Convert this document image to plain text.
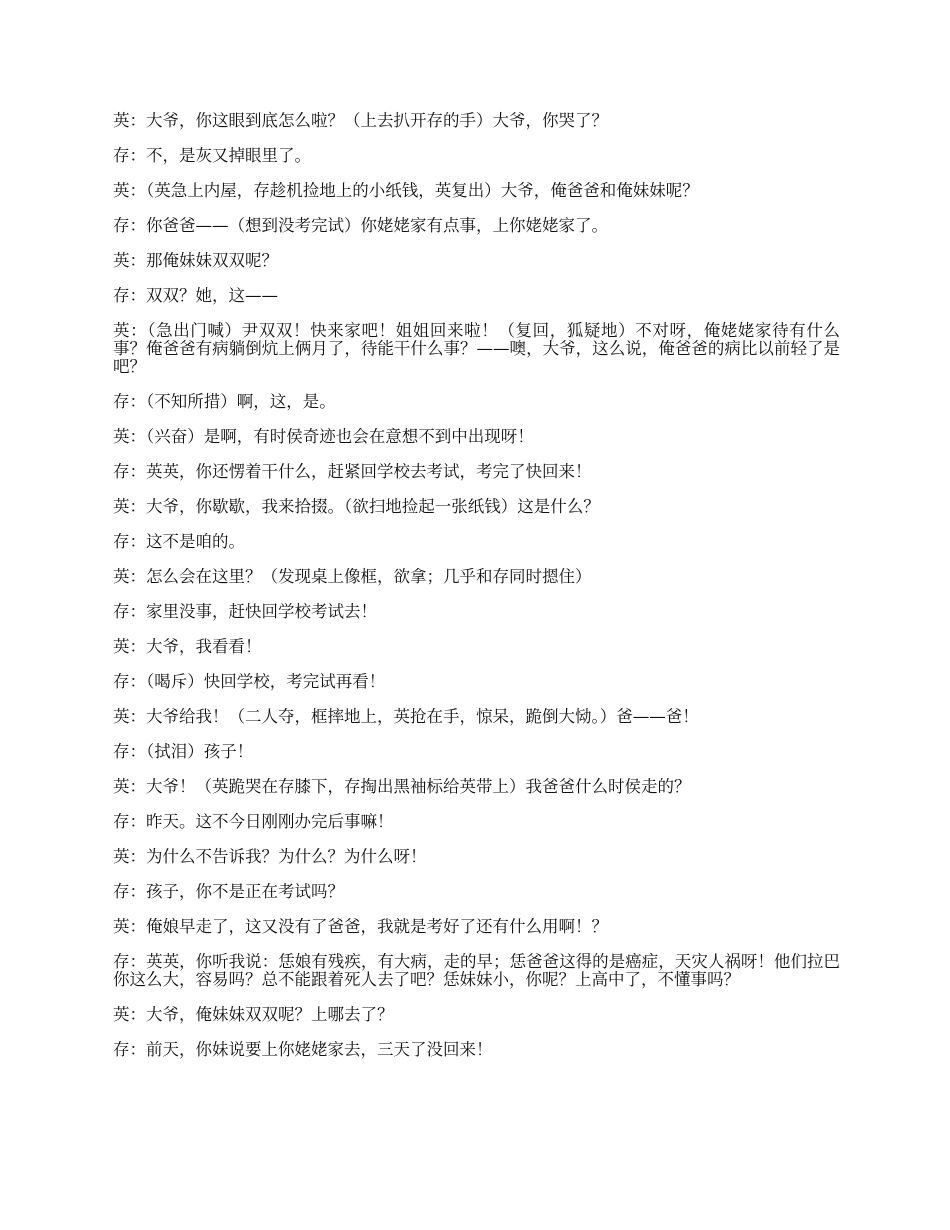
英：大爷，你这眼到底怎么啦？（上去扒开存的手）大爷，你哭了？

存：不，是灰又掉眼里了。

英：（英急上内屋，存趁机捡地上的小纸钱，英复出）大爷，俺爸爸和俺妹妹呢？

存：你爸爸——（想到没考完试）你姥姥家有点事，上你姥姥家了。

英：那俺妹妹双双呢？

存：双双？她，这——

英：（急出门喊）尹双双！快来家吧！姐姐回来啦！（复回，狐疑地）不对呀，俺姥姥家待有什么事？俺爸爸有病躺倒炕上俩月了，待能干什么事？——噢，大爷，这么说，俺爸爸的病比以前轻了是吧？

存：（不知所措）啊，这，是。

英：（兴奋）是啊，有时侯奇迹也会在意想不到中出现呀！

存：英英，你还愣着干什么，赶紧回学校去考试，考完了快回来！

英：大爷，你歇歇，我来拾掇。（欲扫地捡起一张纸钱）这是什么？

存：这不是咱的。

英：怎么会在这里？（发现桌上像框，欲拿；几乎和存同时摁住）

存：家里没事，赶快回学校考试去！

英：大爷，我看看！

存：（喝斥）快回学校，考完试再看！

英：大爷给我！（二人夺，框摔地上，英抢在手，惊呆，跪倒大恸。）爸——爸！

存：（拭泪）孩子！

英：大爷！（英跪哭在存膝下，存掏出黑袖标给英带上）我爸爸什么时侯走的？

存：昨天。这不今日刚刚办完后事嘛！

英：为什么不告诉我？为什么？为什么呀！

存：孩子，你不是正在考试吗？

英：俺娘早走了，这又没有了爸爸，我就是考好了还有什么用啊！？

存：英英，你听我说：恁娘有残疾，有大病，走的早；恁爸爸这得的是癌症，天灾人祸呀！他们拉巴你这么大，容易吗？总不能跟着死人去了吧？恁妹妹小，你呢？上高中了，不懂事吗？

英：大爷，俺妹妹双双呢？上哪去了？

存：前天，你妹说要上你姥姥家去，三天了没回来！
